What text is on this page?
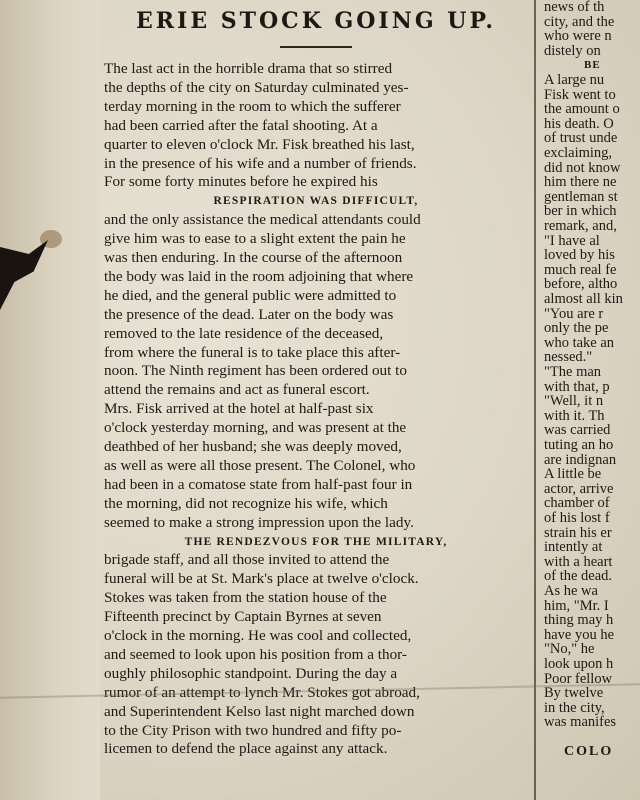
ERIE STOCK GOING UP.
The last act in the horrible drama that so stirred
the depths of the city on Saturday culminated yes-
terday morning in the room to which the sufferer
had been carried after the fatal shooting. At a
quarter to eleven o'clock Mr. Fisk breathed his last,
in the presence of his wife and a number of friends.
For some forty minutes before he expired his
RESPIRATION WAS DIFFICULT,
and the only assistance the medical attendants could
give him was to ease to a slight extent the pain he
was then enduring. In the course of the afternoon
the body was laid in the room adjoining that where
he died, and the general public were admitted to
the presence of the dead. Later on the body was
removed to the late residence of the deceased,
from where the funeral is to take place this after-
noon. The Ninth regiment has been ordered out to
attend the remains and act as funeral escort.
Mrs. Fisk arrived at the hotel at half-past six
o'clock yesterday morning, and was present at the
deathbed of her husband; she was deeply moved,
as well as were all those present. The Colonel, who
had been in a comatose state from half-past four in
the morning, did not recognize his wife, which
seemed to make a strong impression upon the lady.
THE RENDEZVOUS FOR THE MILITARY,
brigade staff, and all those invited to attend the
funeral will be at St. Mark's place at twelve o'clock.
Stokes was taken from the station house of the
Fifteenth precinct by Captain Byrnes at seven
o'clock in the morning. He was cool and collected,
and seemed to look upon his position from a thor-
oughly philosophic standpoint. During the day a
rumor of an attempt to lynch Mr. Stokes got abroad,
and Superintendent Kelso last night marched down
to the City Prison with two hundred and fifty po-
licemen to defend the place against any attack.
news of th
city, and the
who were n
distely on
BE
A large nu
Fisk went to
the amount o
his death. O
of trust unde
exclaiming,
did not know
him there ne
gentleman st
ber in which
remark, and,
"I have al
loved by his
much real fe
before, altho
almost all kin
"You are r
only the pe
who take an
nessed."
"The man
with that, p
"Well, it n
with it. Th
was carried
tuting an ho
are indignan
A little be
actor, arrive
chamber of
of his lost f
strain his er
intently at
with a heart
of the dead.
As he wa
him, "Mr. I
thing may h
have you he
"No," he
look upon h
Poor fellow
By twelve
in the city,
was manifes
COLO
